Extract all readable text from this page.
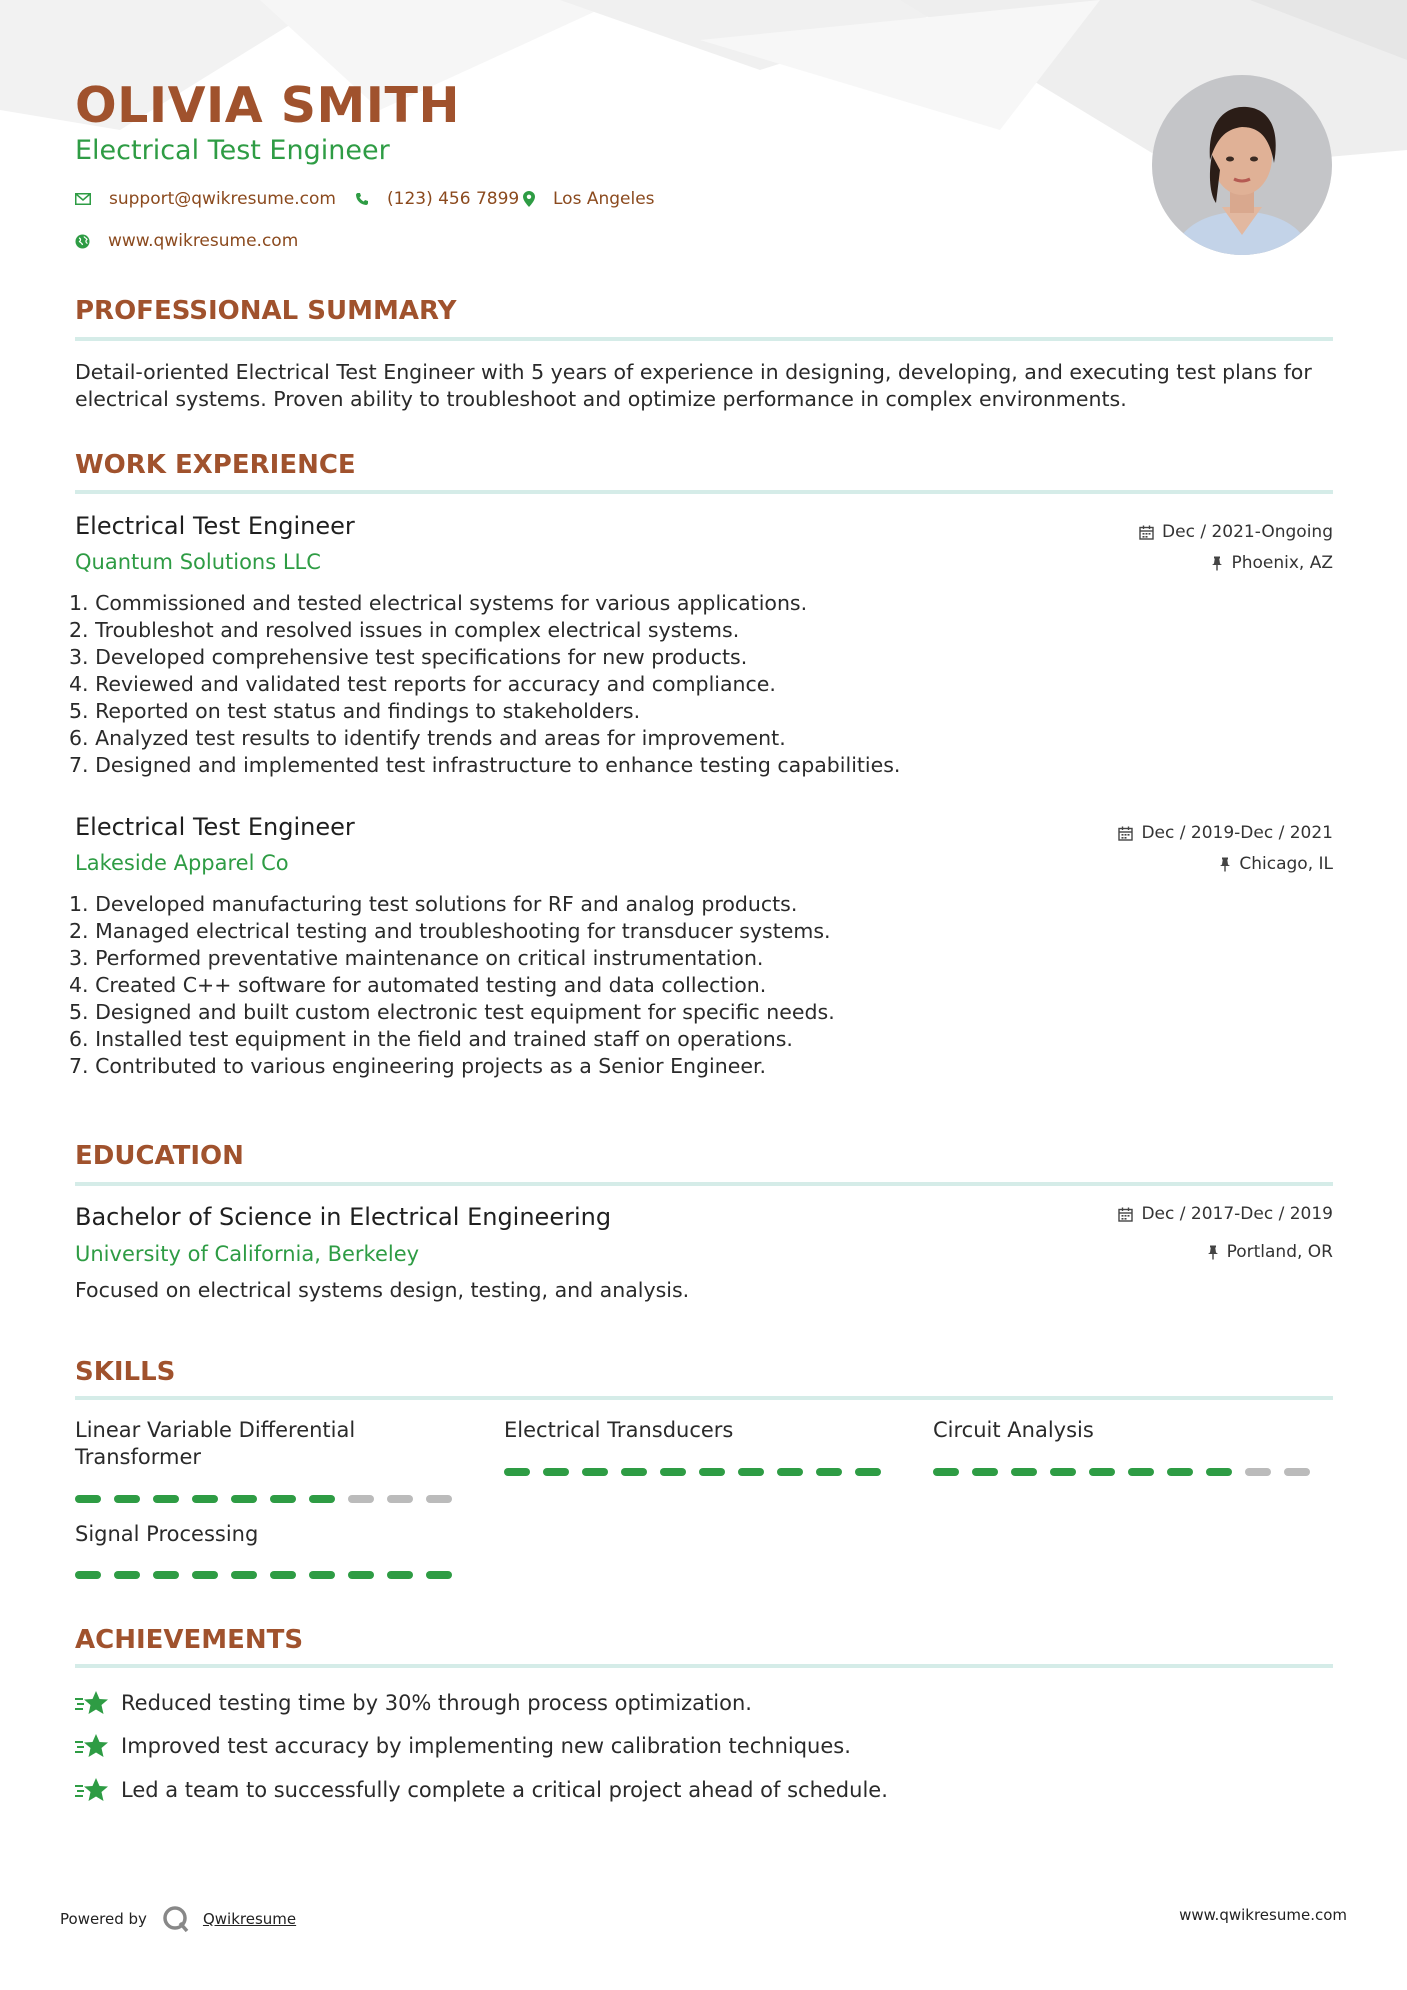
OLIVIA SMITH
Electrical Test Engineer
support@qwikresume.com	(123) 456 7899 Los Angeles
www.qwikresume.com
PROFESSIONAL SUMMARY
Detail-oriented Electrical Test Engineer with 5 years of experience in designing, developing, and executing test plans for electrical systems. Proven ability to troubleshoot and optimize performance in complex environments.
WORK EXPERIENCE
Electrical Test Engineer
Quantum Solutions LLC
Dec / 2021-Ongoing
Phoenix, AZ
1. Commissioned and tested electrical systems for various applications.
2. Troubleshot and resolved issues in complex electrical systems.
3. Developed comprehensive test specifications for new products.
4. Reviewed and validated test reports for accuracy and compliance.
5. Reported on test status and findings to stakeholders.
6. Analyzed test results to identify trends and areas for improvement.
7. Designed and implemented test infrastructure to enhance testing capabilities.
Electrical Test Engineer
Lakeside Apparel Co
Dec / 2019-Dec / 2021
Chicago, IL
1. Developed manufacturing test solutions for RF and analog products.
2. Managed electrical testing and troubleshooting for transducer systems.
3. Performed preventative maintenance on critical instrumentation.
4. Created C++ software for automated testing and data collection.
5. Designed and built custom electronic test equipment for specific needs.
6. Installed test equipment in the field and trained staff on operations.
7. Contributed to various engineering projects as a Senior Engineer.
EDUCATION
Bachelor of Science in Electrical Engineering
University of California, Berkeley
Dec / 2017-Dec / 2019
Portland, OR
Focused on electrical systems design, testing, and analysis.
SKILLS
Linear Variable Differential Transformer
Electrical Transducers	Circuit Analysis
Signal Processing
ACHIEVEMENTS
Reduced testing time by 30% through process optimization.
Improved test accuracy by implementing new calibration techniques.
Led a team to successfully complete a critical project ahead of schedule.
Powered by	Qwikresume	www.qwikresume.com
